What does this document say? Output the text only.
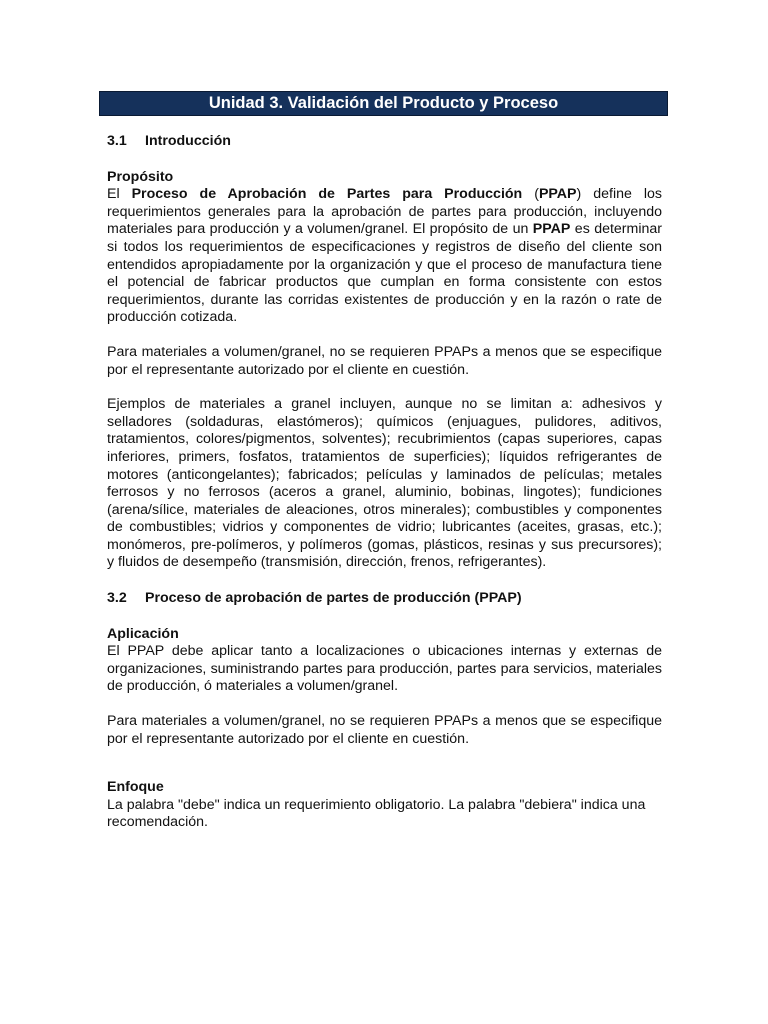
Unidad 3. Validación del Producto y Proceso
3.1 Introducción
Propósito

El Proceso de Aprobación de Partes para Producción (PPAP) define los requerimientos generales para la aprobación de partes para producción, incluyendo materiales para producción y a volumen/granel. El propósito de un PPAP es determinar si todos los requerimientos de especificaciones y registros de diseño del cliente son entendidos apropiadamente por la organización y que el proceso de manufactura tiene el potencial de fabricar productos que cumplan en forma consistente con estos requerimientos, durante las corridas existentes de producción y en la razón o rate de producción cotizada.

Para materiales a volumen/granel, no se requieren PPAPs a menos que se especifique por el representante autorizado por el cliente en cuestión.

Ejemplos de materiales a granel incluyen, aunque no se limitan a: adhesivos y selladores (soldaduras, elastómeros); químicos (enjuagues, pulidores, aditivos, tratamientos, colores/pigmentos, solventes); recubrimientos (capas superiores, capas inferiores, primers, fosfatos, tratamientos de superficies); líquidos refrigerantes de motores (anticongelantes); fabricados; películas y laminados de películas; metales ferrosos y no ferrosos (aceros a granel, aluminio, bobinas, lingotes); fundiciones (arena/sílice, materiales de aleaciones, otros minerales); combustibles y componentes de combustibles; vidrios y componentes de vidrio; lubricantes (aceites, grasas, etc.); monómeros, pre-polímeros, y polímeros (gomas, plásticos, resinas y sus precursores); y fluidos de desempeño (transmisión, dirección, frenos, refrigerantes).

3.2 Proceso de aprobación de partes de producción (PPAP)
Aplicación

El PPAP debe aplicar tanto a localizaciones o ubicaciones internas y externas de organizaciones, suministrando partes para producción, partes para servicios, materiales de producción, ó materiales a volumen/granel.

Para materiales a volumen/granel, no se requieren PPAPs a menos que se especifique por el representante autorizado por el cliente en cuestión.

Enfoque

La palabra "debe" indica un requerimiento obligatorio. La palabra "debiera" indica una recomendación.
